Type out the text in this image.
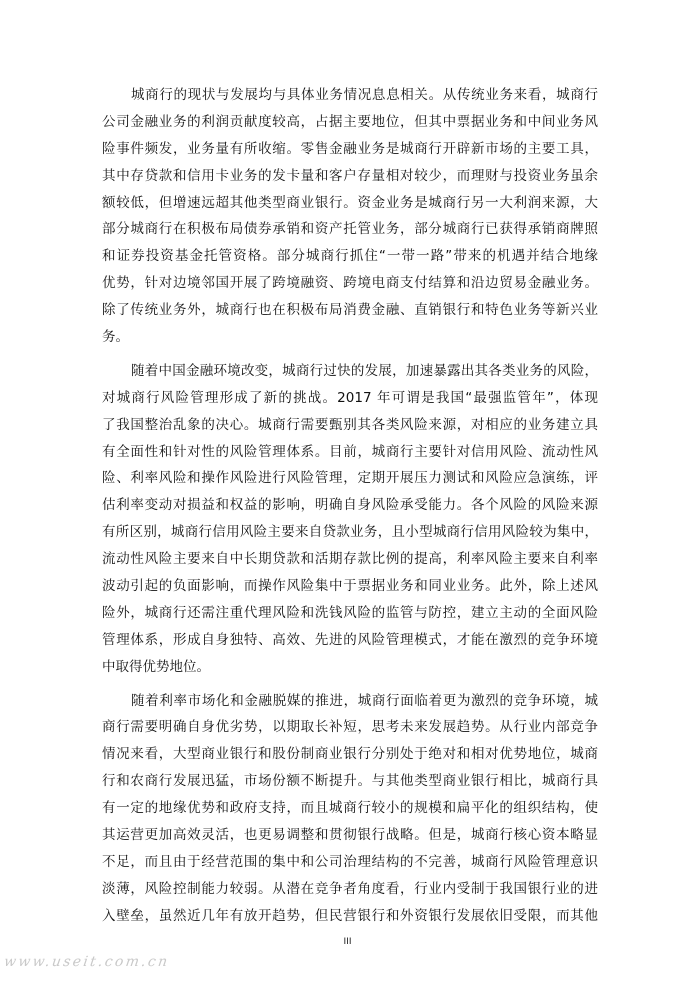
城商行的现状与发展均与具体业务情况息息相关。从传统业务来看，城商行
公司金融业务的利润贡献度较高，占据主要地位，但其中票据业务和中间业务风
险事件频发，业务量有所收缩。零售金融业务是城商行开辟新市场的主要工具，
其中存贷款和信用卡业务的发卡量和客户存量相对较少，而理财与投资业务虽余
额较低，但增速远超其他类型商业银行。资金业务是城商行另一大利润来源，大
部分城商行在积极布局债券承销和资产托管业务，部分城商行已获得承销商牌照
和证券投资基金托管资格。部分城商行抓住“一带一路”带来的机遇并结合地缘
优势，针对边境邻国开展了跨境融资、跨境电商支付结算和沿边贸易金融业务。
除了传统业务外，城商行也在积极布局消费金融、直销银行和特色业务等新兴业
务。
随着中国金融环境改变，城商行过快的发展，加速暴露出其各类业务的风险，
对城商行风险管理形成了新的挑战。2017 年可谓是我国“最强监管年”，体现
了我国整治乱象的决心。城商行需要甄别其各类风险来源，对相应的业务建立具
有全面性和针对性的风险管理体系。目前，城商行主要针对信用风险、流动性风
险、利率风险和操作风险进行风险管理，定期开展压力测试和风险应急演练，评
估利率变动对损益和权益的影响，明确自身风险承受能力。各个风险的风险来源
有所区别，城商行信用风险主要来自贷款业务，且小型城商行信用风险较为集中，
流动性风险主要来自中长期贷款和活期存款比例的提高，利率风险主要来自利率
波动引起的负面影响，而操作风险集中于票据业务和同业业务。此外，除上述风
险外，城商行还需注重代理风险和洗钱风险的监管与防控，建立主动的全面风险
管理体系，形成自身独特、高效、先进的风险管理模式，才能在激烈的竞争环境
中取得优势地位。
随着利率市场化和金融脱媒的推进，城商行面临着更为激烈的竞争环境，城
商行需要明确自身优劣势，以期取长补短，思考未来发展趋势。从行业内部竞争
情况来看，大型商业银行和股份制商业银行分别处于绝对和相对优势地位，城商
行和农商行发展迅猛，市场份额不断提升。与其他类型商业银行相比，城商行具
有一定的地缘优势和政府支持，而且城商行较小的规模和扁平化的组织结构，使
其运营更加高效灵活，也更易调整和贯彻银行战略。但是，城商行核心资本略显
不足，而且由于经营范围的集中和公司治理结构的不完善，城商行风险管理意识
淡薄，风险控制能力较弱。从潜在竞争者角度看，行业内受制于我国银行业的进
入壁垒，虽然近几年有放开趋势，但民营银行和外资银行发展依旧受限，而其他
III
www.useit.com.cn
